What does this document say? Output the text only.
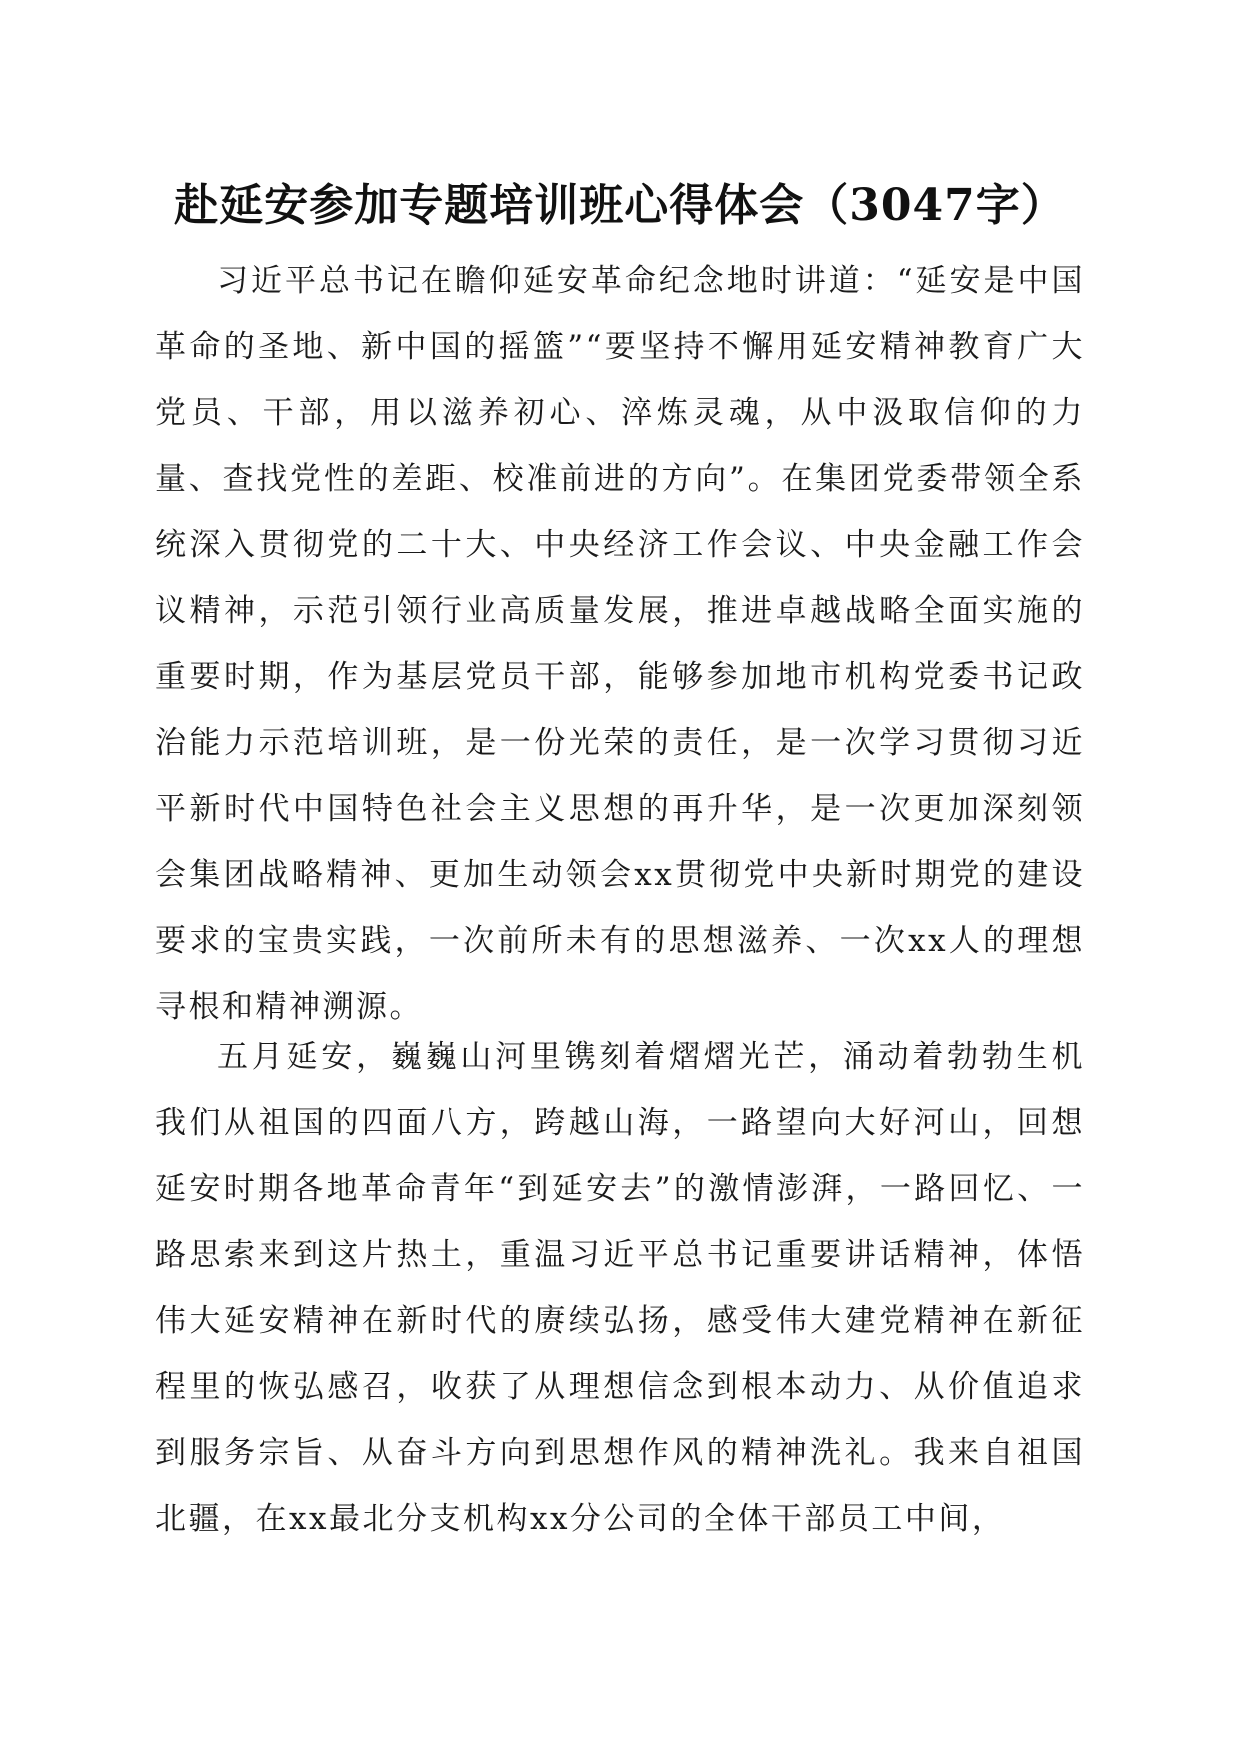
赴延安参加专题培训班心得体会（3047字）

习近平总书记在瞻仰延安革命纪念地时讲道：“延安是中国革命的圣地、新中国的摇篮”“要坚持不懈用延安精神教育广大党员、干部，用以滋养初心、淬炼灵魂，从中汲取信仰的力量、查找党性的差距、校准前进的方向”。在集团党委带领全系统深入贯彻党的二十大、中央经济工作会议、中央金融工作会议精神，示范引领行业高质量发展，推进卓越战略全面实施的重要时期，作为基层党员干部，能够参加地市机构党委书记政治能力示范培训班，是一份光荣的责任，是一次学习贯彻习近平新时代中国特色社会主义思想的再升华，是一次更加深刻领会集团战略精神、更加生动领会xx贯彻党中央新时期党的建设要求的宝贵实践，一次前所未有的思想滋养、一次xx人的理想寻根和精神溯源。

五月延安，巍巍山河里镌刻着熠熠光芒，涌动着勃勃生机我们从祖国的四面八方，跨越山海，一路望向大好河山，回想延安时期各地革命青年“到延安去”的激情澎湃，一路回忆、一路思索来到这片热土，重温习近平总书记重要讲话精神，体悟伟大延安精神在新时代的赓续弘扬，感受伟大建党精神在新征程里的恢弘感召，收获了从理想信念到根本动力、从价值追求到服务宗旨、从奋斗方向到思想作风的精神洗礼。我来自祖国北疆，在xx最北分支机构xx分公司的全体干部员工中间，
